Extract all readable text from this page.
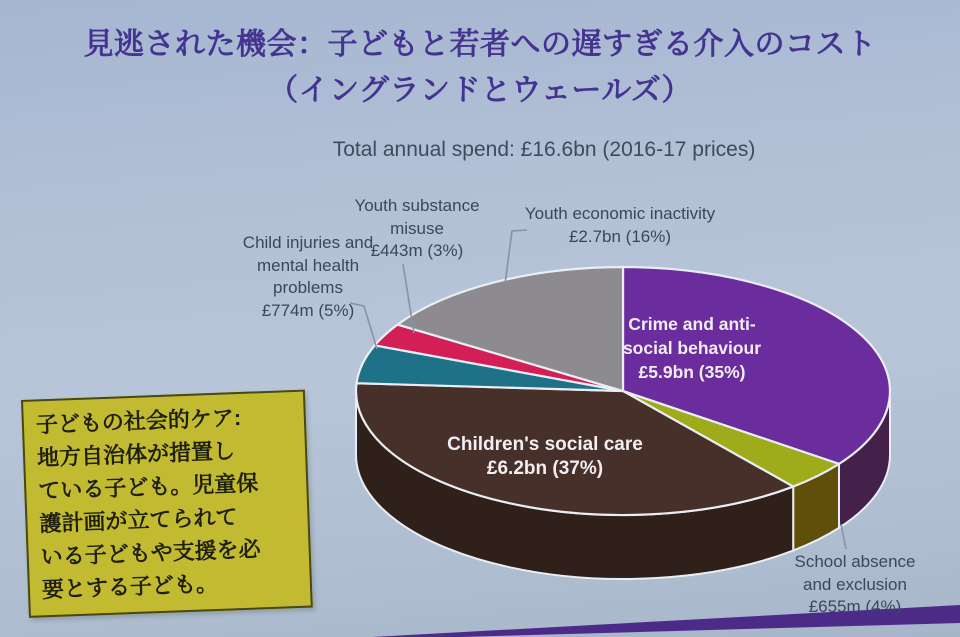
見逃された機会：子どもと若者への遅すぎる介入のコスト
（イングランドとウェールズ）
Total annual spend: £16.6bn (2016-17 prices)
Crime and anti-
social behaviour
£5.9bn (35%)
School absence
and exclusion
£655m (4%)
Children's social care
£6.2bn (37%)
Child injuries and
mental health
problems
£774m (5%)
Youth substance
misuse
£443m (3%)
Youth economic inactivity
£2.7bn (16%)
子どもの社会的ケア:
地方自治体が措置し
ている子ども。児童保
護計画が立てられて
いる子どもや支援を必
要とする子ども。
